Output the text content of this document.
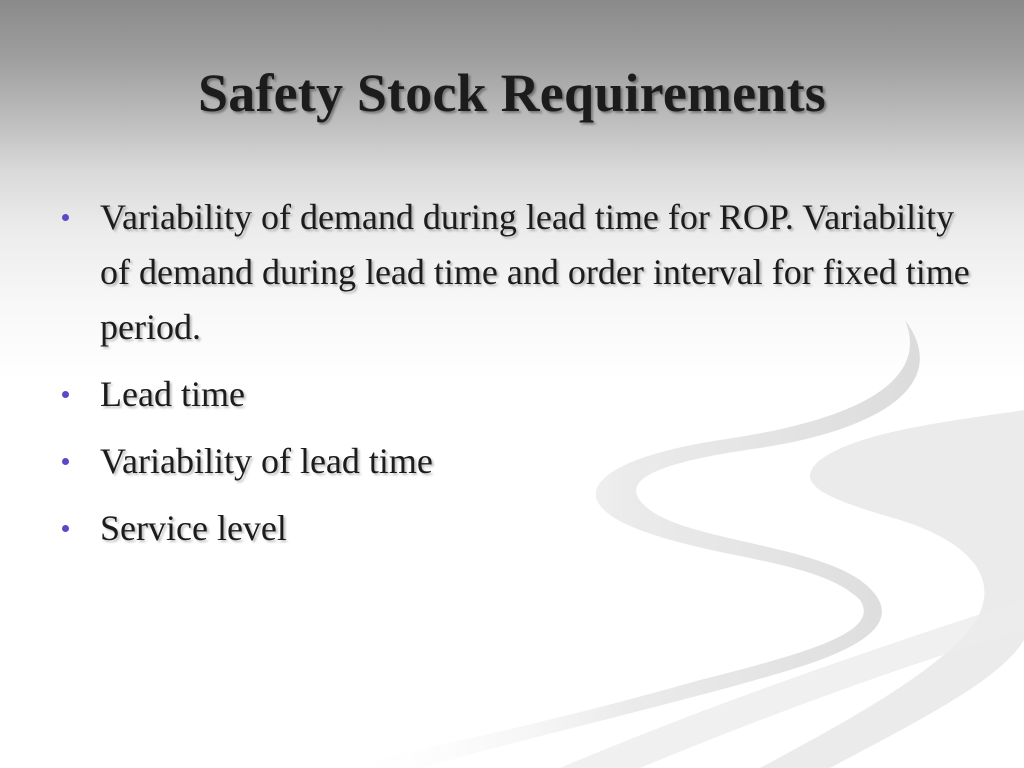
Safety Stock Requirements
Variability of demand during lead time for ROP. Variability of demand during lead time and order interval for fixed time period.
Lead time
Variability of lead time
Service level
